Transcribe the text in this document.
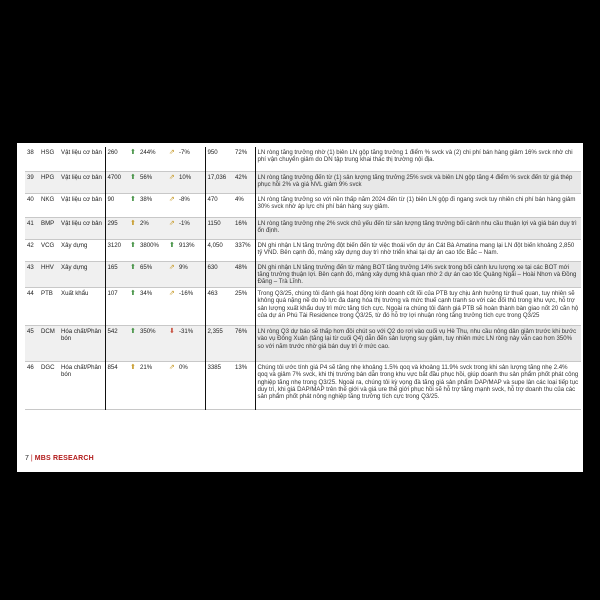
38	HSG	Vật liệu cơ bản	260	⬆	244%	⇗	-7%	950	72%	LN ròng tăng trưởng nhờ (1) biên LN gộp tăng trưởng 1 điểm % svck và (2) chi phí bán hàng giảm 16% svck nhờ chi phí vận chuyển giảm do DN tập trung khai thác thị trường nội địa.
39	HPG	Vật liệu cơ bản	4700	⬆	56%	⇗	10%	17,036	42%	LN ròng tăng trưởng đến từ (1) sản lượng tăng trưởng 25% svck và biên LN gộp tăng 4 điểm % svck đến từ giá thép phục hồi 2% và giá NVL giảm 9% svck
40	NKG	Vật liệu cơ bản	90	⬆	38%	⇗	-8%	470	4%	LN ròng tăng trưởng so với nền thấp năm 2024 đến từ (1) biên LN gộp đi ngang svck tuy nhiên chi phí bán hàng giảm 30% svck nhờ áp lực chi phí bán hàng suy giảm.
41	BMP	Vật liệu cơ bản	295	⬆	2%	⇗	-1%	1150	16%	LN ròng tăng trưởng nhẹ 2% svck chủ yếu đến từ sản lượng tăng trưởng bối cảnh nhu cầu thuận lợi và giá bán duy trì ổn định.
42	VCG	Xây dựng	3120	⬆	3800%	⬆	913%	4,050	337%	DN ghi nhận LN tăng trưởng đột biến đến từ việc thoái vốn dự án Cát Bà Amatina mang lại LN đột biến khoảng 2,850 tỷ VND. Bên cạnh đó, mảng xây dựng duy trì nhờ triển khai tại dự án cao tốc Bắc – Nam.
43	HHV	Xây dựng	165	⬆	65%	⇗	9%	630	48%	DN ghi nhận LN tăng trưởng đến từ mảng BOT tăng trưởng 14% svck trong bối cảnh lưu lượng xe tại các BOT mới tăng trưởng thuận lợi. Bên cạnh đó, mảng xây dựng khả quan nhờ 2 dự án cao tốc Quảng Ngãi – Hoài Nhơn và Đồng Đăng – Trà Lĩnh.
44	PTB	Xuất khẩu	107	⬆	34%	⇗	-16%	463	25%	Trong Q3/25, chúng tôi đánh giá hoạt động kinh doanh cốt lõi của PTB tuy chịu ảnh hưởng từ thuế quan, tuy nhiên sẽ không quá nặng nề do nỗ lực đa dạng hóa thị trường và mức thuế cạnh tranh so với các đối thủ trong khu vực, hỗ trợ sản lượng xuất khẩu duy trì mức tăng tích cực. Ngoài ra chúng tôi đánh giá PTB sẽ hoàn thành bàn giao nốt 20 căn hộ của dự án Phú Tài Residence trong Q3/25, từ đó hỗ trợ lợi nhuận ròng tăng trưởng tích cực trong Q3/25
45	DCM	Hóa chất/Phân bón	542	⬆	350%	⬇	-31%	2,355	76%	LN ròng Q3 dự báo sẽ thấp hơn đôi chút so với Q2 do rơi vào cuối vụ Hè Thu, nhu cầu nông dân giảm trước khi bước vào vụ Đông Xuân (tăng lại từ cuối Q4) dẫn đến sản lượng suy giảm, tuy nhiên mức LN ròng này vẫn cao hơn 350% so với năm trước nhờ giá bán duy trì ở mức cao.
46	DGC	Hóa chất/Phân bón	854	⬆	21%	⇗	0%	3385	13%	Chúng tôi ước tính giá P4 sẽ tăng nhẹ khoảng 1.5% qoq và khoảng 11.9% svck trong khi sản lượng tăng nhẹ 2.4% qoq và giảm 7% svck, khi thị trường bán dẫn trong khu vực bắt đầu phục hồi, giúp doanh thu sản phẩm phốt phát công nghiệp tăng nhẹ trong Q3/25. Ngoài ra, chúng tôi kỳ vọng đà tăng giá sản phẩm DAP/MAP và supe lân các loại tiếp tục duy trì, khi giá DAP/MAP trên thế giới và giá ure thế giới phục hồi sẽ hỗ trợ tăng mạnh svck, hỗ trợ doanh thu của các sản phẩm phốt phát nông nghiệp tăng trưởng tích cực trong Q3/25.
7 | MBS RESEARCH
